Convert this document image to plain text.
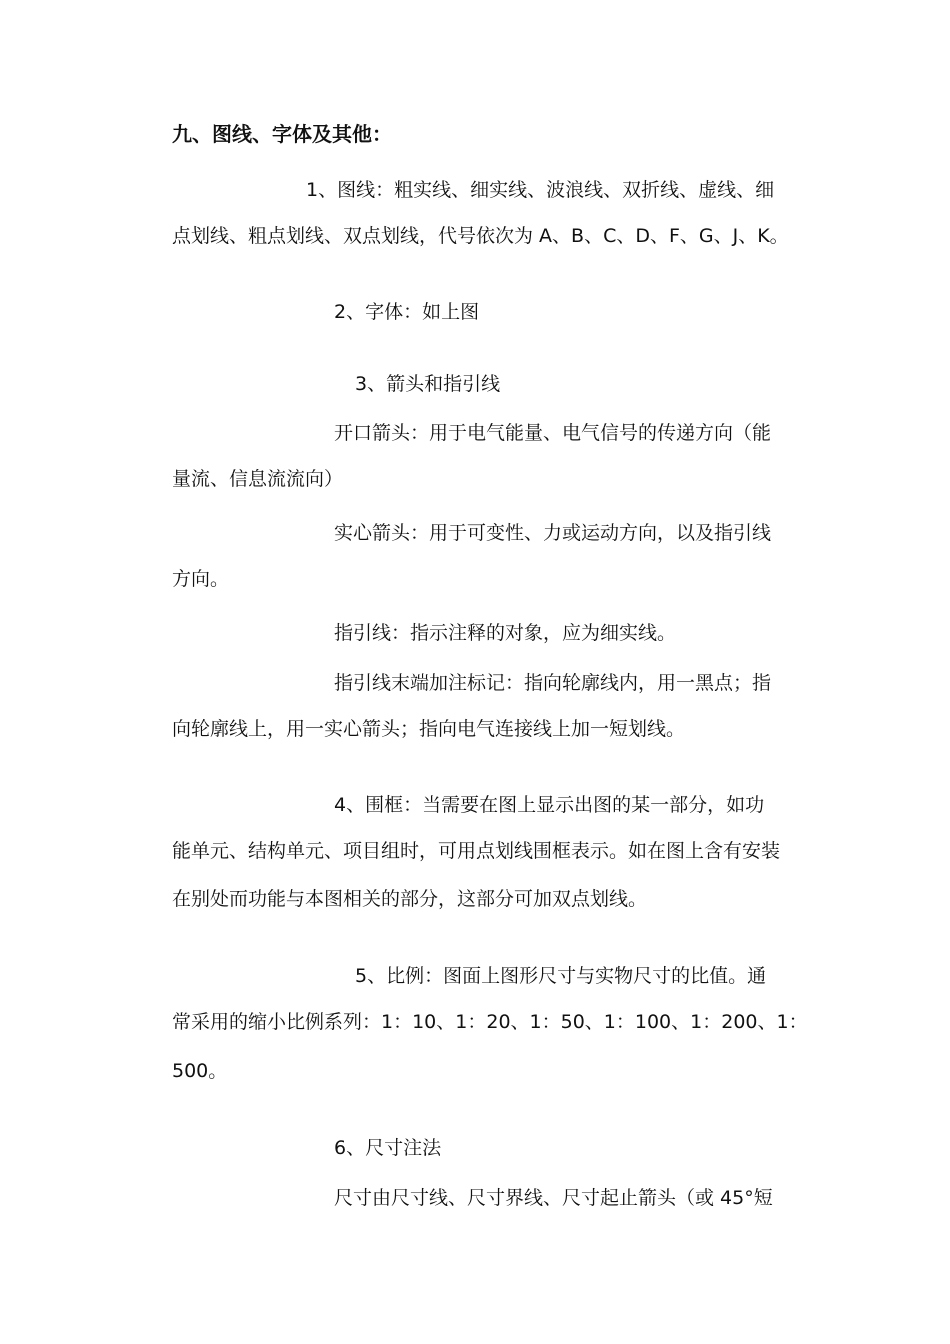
九、图线、字体及其他：
1、图线：粗实线、细实线、波浪线、双折线、虚线、细
点划线、粗点划线、双点划线，代号依次为 A、B、C、D、F、G、J、K。
2、字体：如上图
3、箭头和指引线
开口箭头：用于电气能量、电气信号的传递方向（能
量流、信息流流向）
实心箭头：用于可变性、力或运动方向，以及指引线
方向。
指引线：指示注释的对象，应为细实线。
指引线末端加注标记：指向轮廓线内，用一黑点；指
向轮廓线上，用一实心箭头；指向电气连接线上加一短划线。
4、围框：当需要在图上显示出图的某一部分，如功
能单元、结构单元、项目组时，可用点划线围框表示。如在图上含有安装
在别处而功能与本图相关的部分，这部分可加双点划线。
5、比例：图面上图形尺寸与实物尺寸的比值。通
常采用的缩小比例系列：1：10、1：20、1：50、1：100、1：200、1：
500。
6、尺寸注法
尺寸由尺寸线、尺寸界线、尺寸起止箭头（或 45°短
